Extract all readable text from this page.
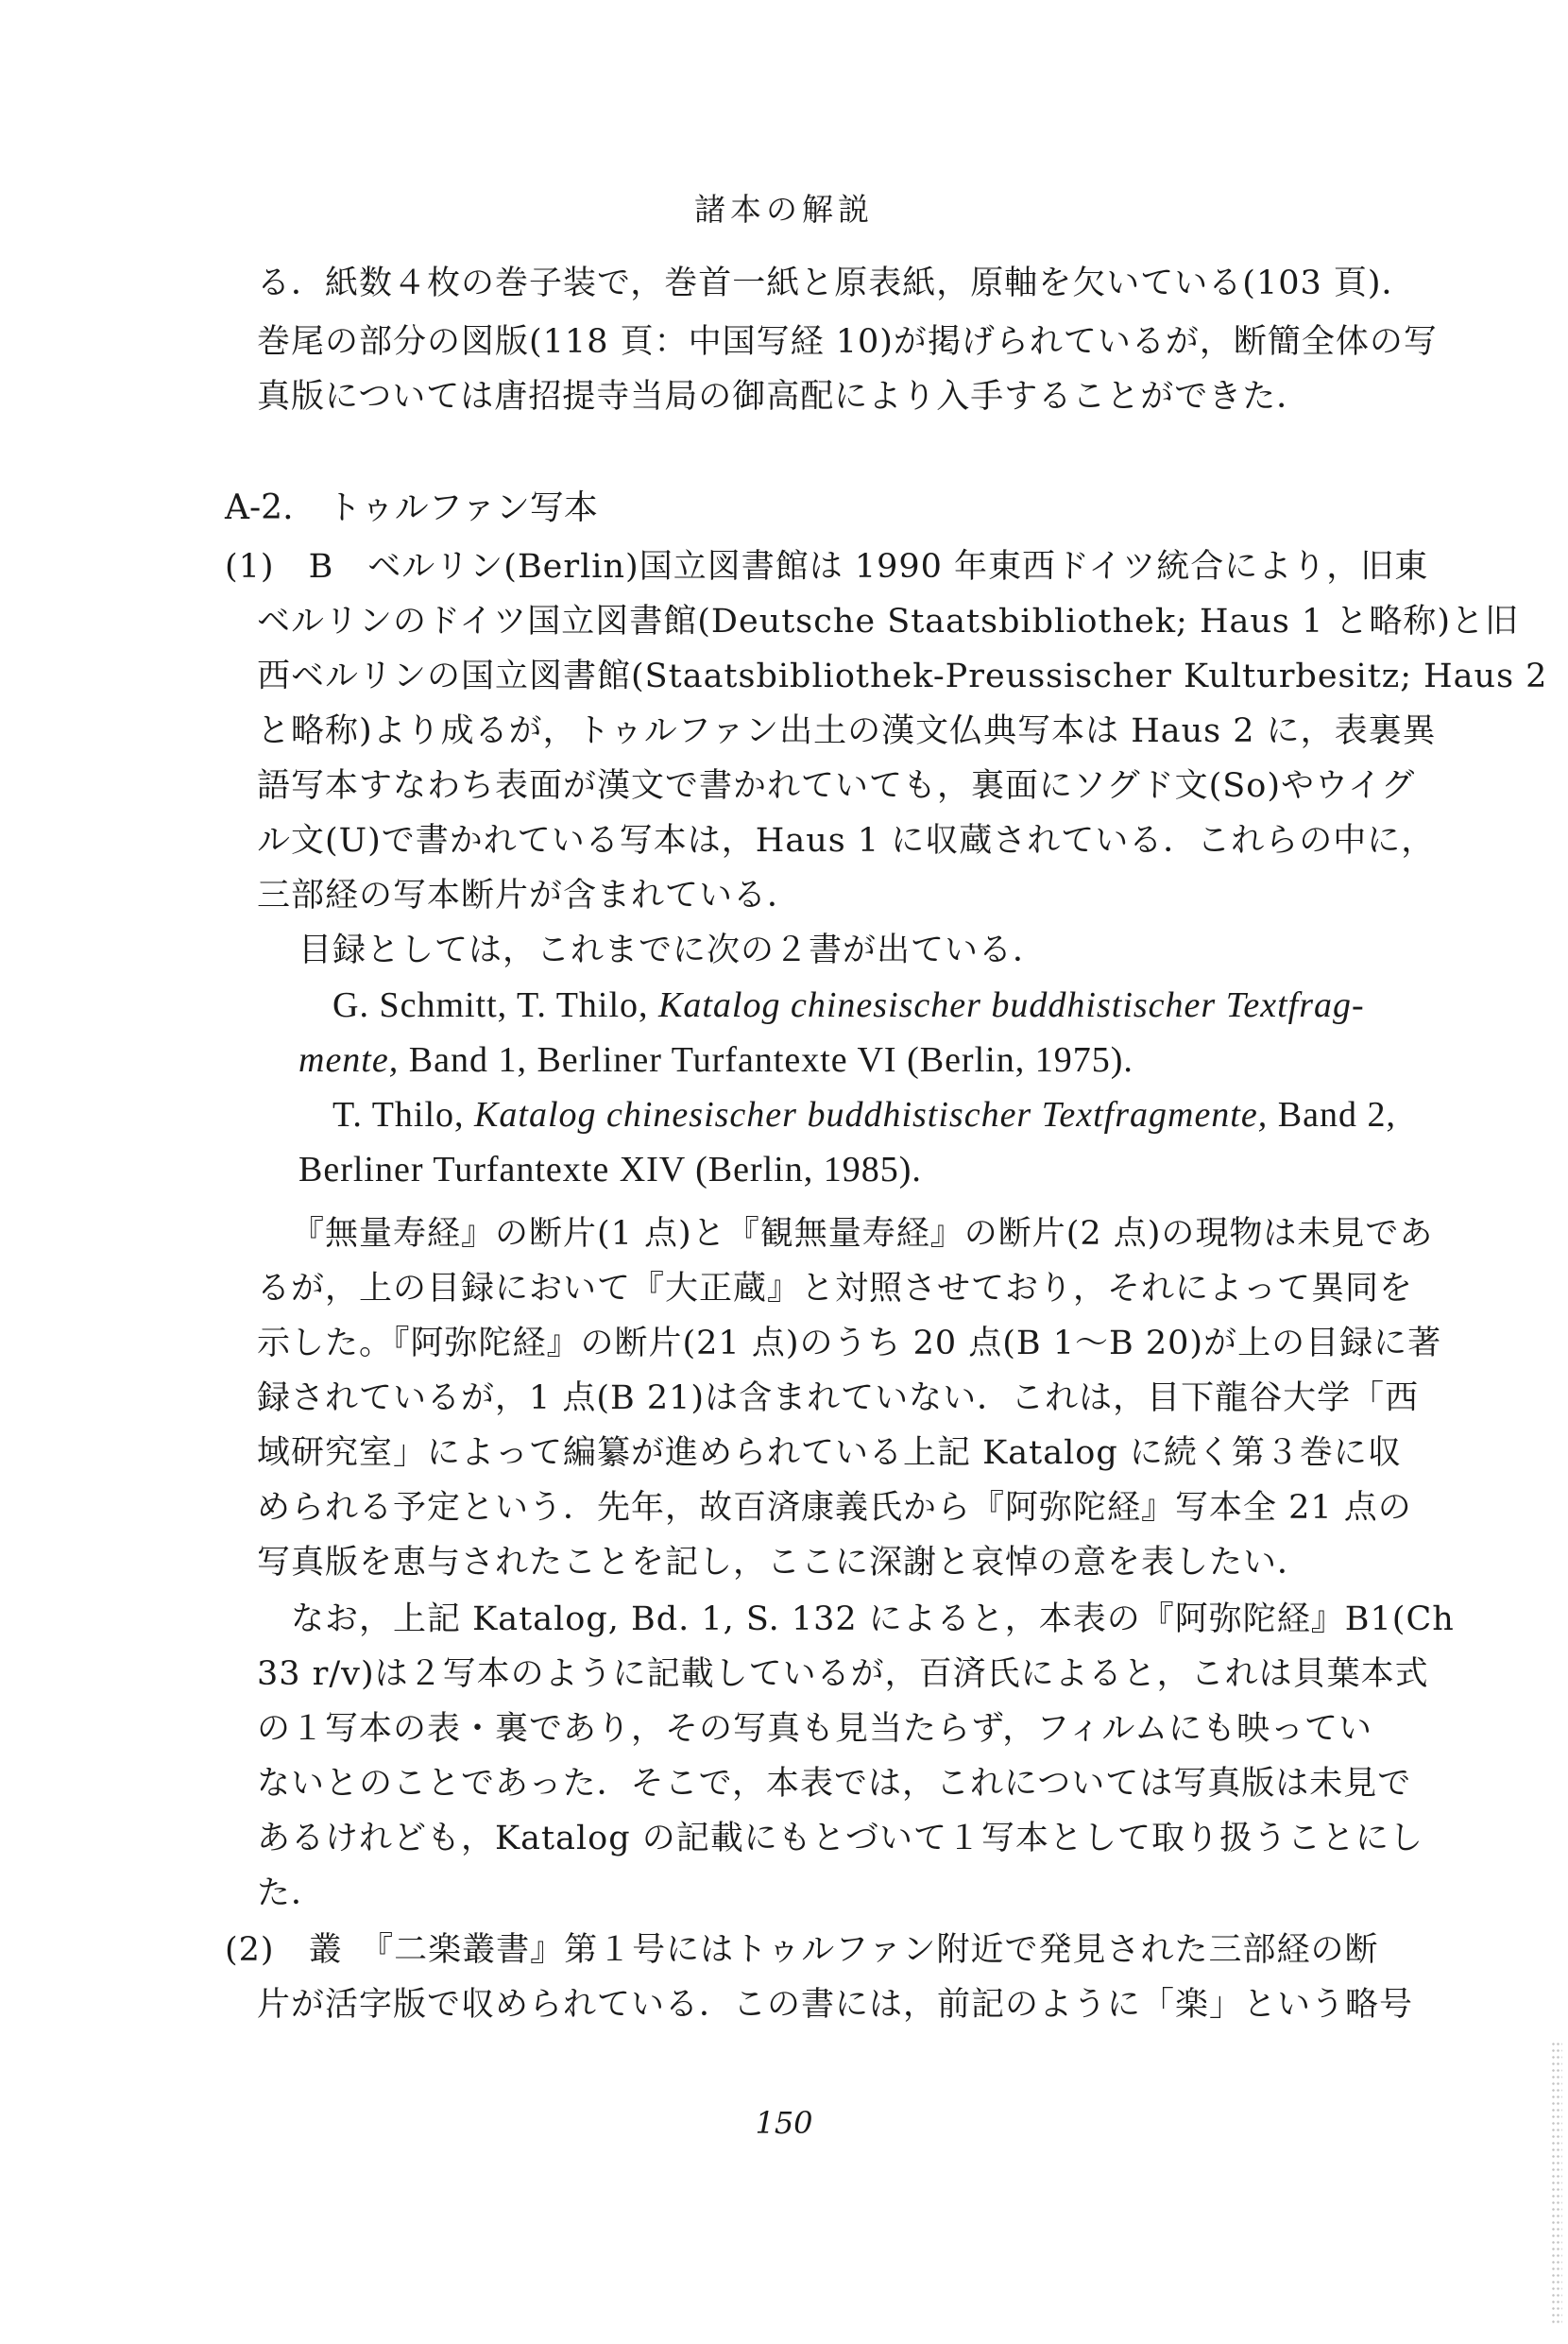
諸本の解説
る．紙数４枚の巻子装で，巻首一紙と原表紙，原軸を欠いている(103 頁)．
巻尾の部分の図版(118 頁：中国写経 10)が掲げられているが，断簡全体の写
真版については唐招提寺当局の御高配により入手することができた．
A-2.　トゥルファン写本
(1)　B　ベルリン(Berlin)国立図書館は 1990 年東西ドイツ統合により，旧東
ベルリンのドイツ国立図書館(Deutsche Staatsbibliothek; Haus 1 と略称)と旧
西ベルリンの国立図書館(Staatsbibliothek-Preussischer Kulturbesitz; Haus 2
と略称)より成るが，トゥルファン出土の漢文仏典写本は Haus 2 に，表裏異
語写本すなわち表面が漢文で書かれていても，裏面にソグド文(So)やウイグ
ル文(U)で書かれている写本は，Haus 1 に収蔵されている．これらの中に，
三部経の写本断片が含まれている．
目録としては，これまでに次の２書が出ている．
G. Schmitt, T. Thilo, Katalog chinesischer buddhistischer Textfrag-
mente, Band 1, Berliner Turfantexte VI (Berlin, 1975).
T. Thilo, Katalog chinesischer buddhistischer Textfragmente, Band 2,
Berliner Turfantexte XIV (Berlin, 1985).
『無量寿経』の断片(1 点)と『観無量寿経』の断片(2 点)の現物は未見であ
るが，上の目録において『大正蔵』と対照させており，それによって異同を
示した。『阿弥陀経』の断片(21 点)のうち 20 点(B 1〜B 20)が上の目録に著
録されているが，1 点(B 21)は含まれていない．これは，目下龍谷大学「西
域研究室」によって編纂が進められている上記 Katalog に続く第３巻に収
められる予定という．先年，故百済康義氏から『阿弥陀経』写本全 21 点の
写真版を恵与されたことを記し，ここに深謝と哀悼の意を表したい．
なお，上記 Katalog, Bd. 1, S. 132 によると，本表の『阿弥陀経』B1(Ch
33 r/v)は２写本のように記載しているが，百済氏によると，これは貝葉本式
の１写本の表・裏であり，その写真も見当たらず，フィルムにも映ってい
ないとのことであった．そこで，本表では，これについては写真版は未見で
あるけれども，Katalog の記載にもとづいて１写本として取り扱うことにし
た．
(2)　叢　『二楽叢書』第１号にはトゥルファン附近で発見された三部経の断
片が活字版で収められている．この書には，前記のように「楽」という略号
150
